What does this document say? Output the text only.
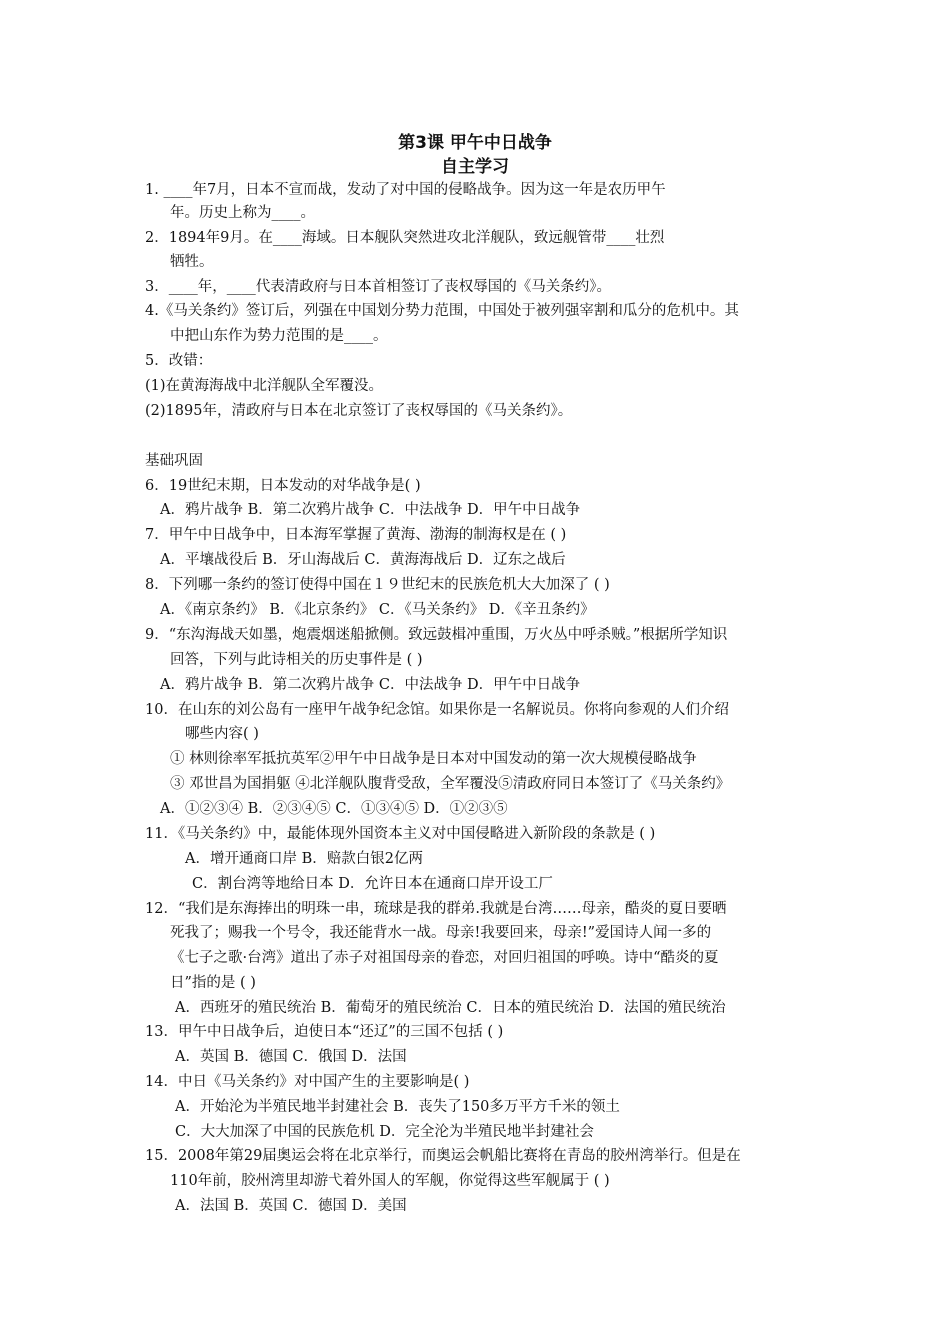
第3课 甲午中日战争
自主学习
1. ____年7月，日本不宣而战，发动了对中国的侵略战争。因为这一年是农历甲午
年。历史上称为____。
2．1894年9月。在____海域。日本舰队突然进攻北洋舰队，致远舰管带____壮烈
牺牲。
3．____年，____代表清政府与日本首相签订了丧权辱国的《马关条约》。
4.《马关条约》签订后，列强在中国划分势力范围，中国处于被列强宰割和瓜分的危机中。其
中把山东作为势力范围的是____。
5．改错：
(1)在黄海海战中北洋舰队全军覆没。
(2)1895年，清政府与日本在北京签订了丧权辱国的《马关条约》。
基础巩固
6．19世纪末期，日本发动的对华战争是( )
A．鸦片战争 B．第二次鸦片战争 C．中法战争 D．甲午中日战争
7．甲午中日战争中，日本海军掌握了黄海、渤海的制海权是在 ( )
A．平壤战役后 B．牙山海战后 C．黄海海战后 D．辽东之战后
8．下列哪一条约的签订使得中国在１９世纪末的民族危机大大加深了 ( )
A．《南京条约》 B．《北京条约》 C．《马关条约》 D．《辛丑条约》
9．“东沟海战天如墨，炮震烟迷船掀侧。致远鼓楫冲重围，万火丛中呼杀贼。”根据所学知识
回答，下列与此诗相关的历史事件是 ( )
A．鸦片战争 B．第二次鸦片战争 C．中法战争 D．甲午中日战争
10．在山东的刘公岛有一座甲午战争纪念馆。如果你是一名解说员。你将向参观的人们介绍
哪些内容( )
① 林则徐率军抵抗英军②甲午中日战争是日本对中国发动的第一次大规模侵略战争
③ 邓世昌为国捐躯 ④北洋舰队腹背受敌，全军覆没⑤清政府同日本签订了《马关条约》
A．①②③④ B．②③④⑤ C．①③④⑤ D．①②③⑤
11．《马关条约》中，最能体现外国资本主义对中国侵略进入新阶段的条款是 ( )
A．增开通商口岸 B．赔款白银2亿两
C．割台湾等地给日本 D．允许日本在通商口岸开设工厂
12．“我们是东海捧出的明珠一串，琉球是我的群弟.我就是台湾……母亲，酷炎的夏日要晒
死我了；赐我一个号令，我还能背水一战。母亲!我要回来，母亲!”爱国诗人闻一多的
《七子之歌·台湾》道出了赤子对祖国母亲的眷恋，对回归祖国的呼唤。诗中“酷炎的夏
日”指的是 ( )
A．西班牙的殖民统治 B．葡萄牙的殖民统治 C．日本的殖民统治 D．法国的殖民统治
13．甲午中日战争后，迫使日本“还辽”的三国不包括 ( )
A．英国 B．德国 C．俄国 D．法国
14．中日《马关条约》对中国产生的主要影响是( )
A．开始沦为半殖民地半封建社会 B．丧失了150多万平方千米的领土
C．大大加深了中国的民族危机 D．完全沦为半殖民地半封建社会
15．2008年第29届奥运会将在北京举行，而奥运会帆船比赛将在青岛的胶州湾举行。但是在
110年前，胶州湾里却游弋着外国人的军舰，你觉得这些军舰属于 ( )
A．法国 B．英国 C．德国 D．美国
